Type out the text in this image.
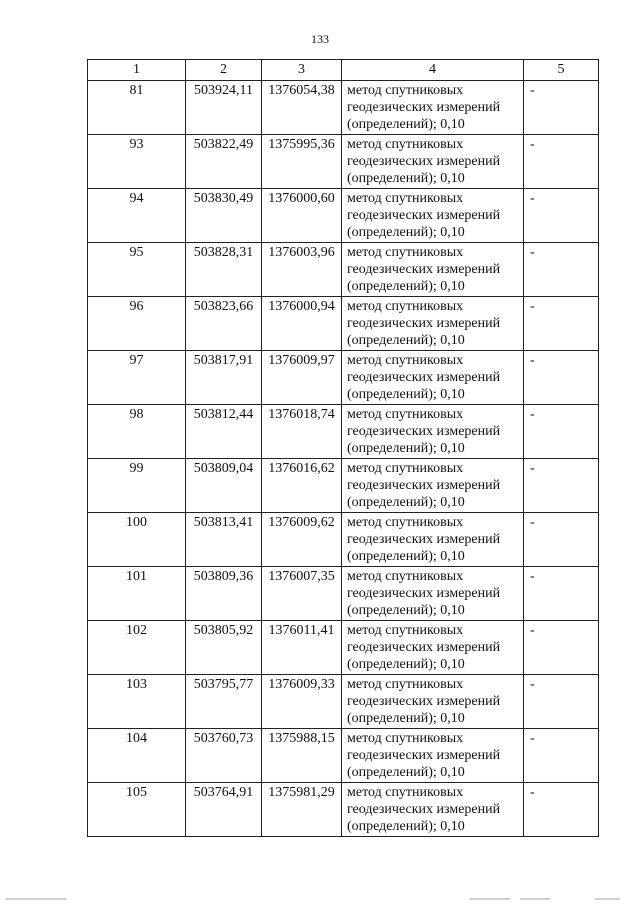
133
1	2	3	4	5
81	503924,11	1376054,38	метод спутниковых
геодезических измерений
(определений); 0,10	-
93	503822,49	1375995,36	метод спутниковых
геодезических измерений
(определений); 0,10	-
94	503830,49	1376000,60	метод спутниковых
геодезических измерений
(определений); 0,10	-
95	503828,31	1376003,96	метод спутниковых
геодезических измерений
(определений); 0,10	-
96	503823,66	1376000,94	метод спутниковых
геодезических измерений
(определений); 0,10	-
97	503817,91	1376009,97	метод спутниковых
геодезических измерений
(определений); 0,10	-
98	503812,44	1376018,74	метод спутниковых
геодезических измерений
(определений); 0,10	-
99	503809,04	1376016,62	метод спутниковых
геодезических измерений
(определений); 0,10	-
100	503813,41	1376009,62	метод спутниковых
геодезических измерений
(определений); 0,10	-
101	503809,36	1376007,35	метод спутниковых
геодезических измерений
(определений); 0,10	-
102	503805,92	1376011,41	метод спутниковых
геодезических измерений
(определений); 0,10	-
103	503795,77	1376009,33	метод спутниковых
геодезических измерений
(определений); 0,10	-
104	503760,73	1375988,15	метод спутниковых
геодезических измерений
(определений); 0,10	-
105	503764,91	1375981,29	метод спутниковых
геодезических измерений
(определений); 0,10	-
